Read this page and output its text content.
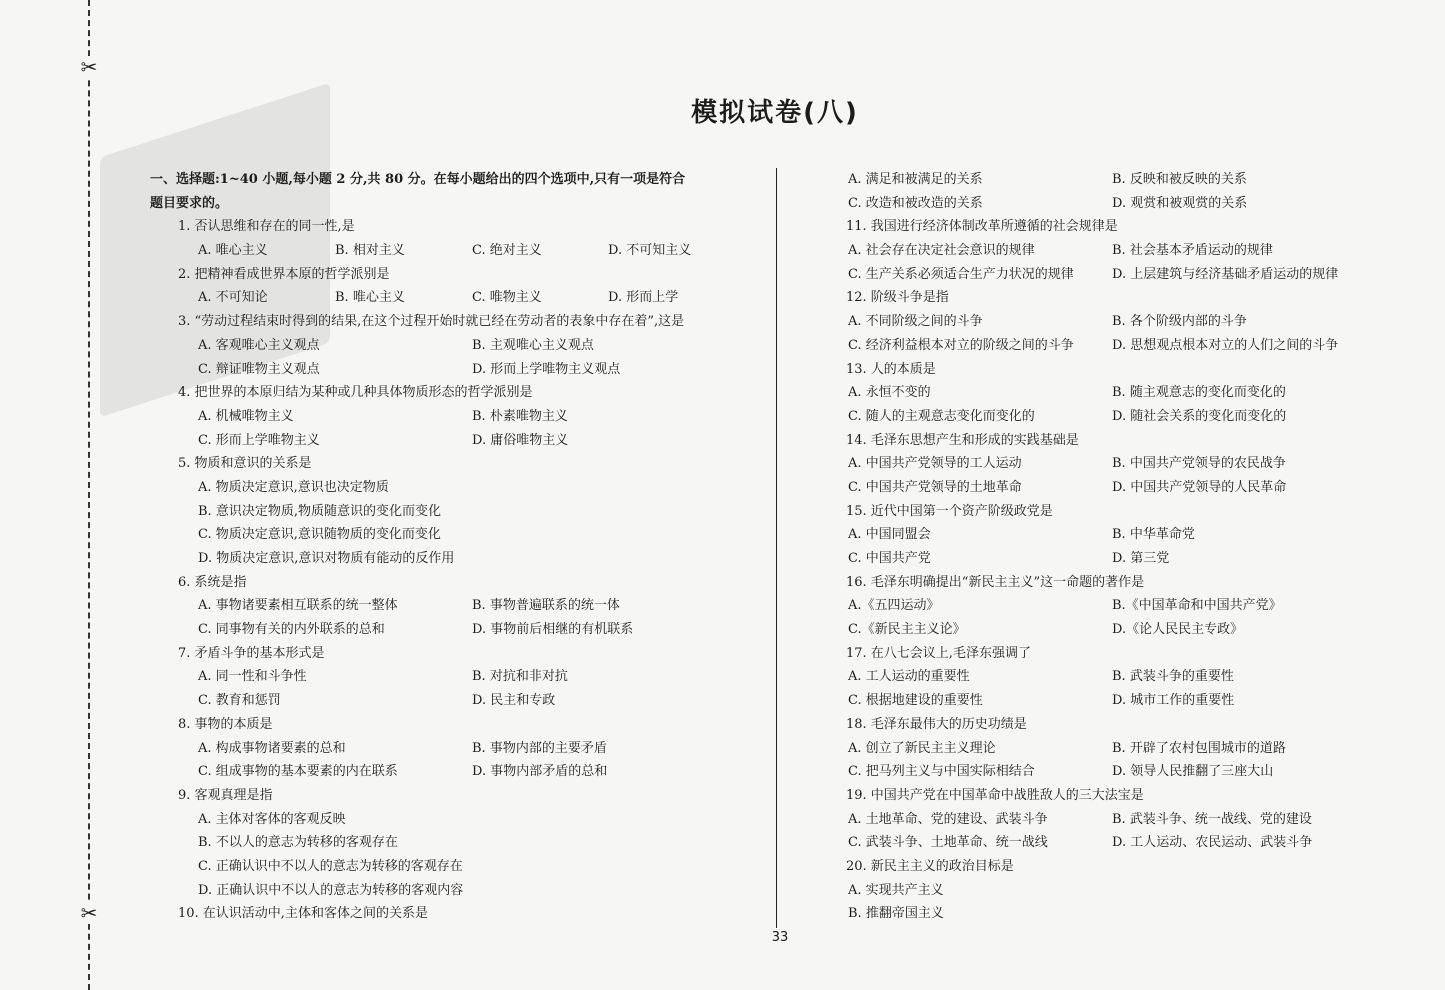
✂
✂
模拟试卷(八)
一、选择题:1~40 小题,每小题 2 分,共 80 分。在每小题给出的四个选项中,只有一项是符合
题目要求的。
1. 否认思维和存在的同一性,是
A. 唯心主义	B. 相对主义	C. 绝对主义	D. 不可知主义
2. 把精神看成世界本原的哲学派别是
A. 不可知论	B. 唯心主义	C. 唯物主义	D. 形而上学
3. “劳动过程结束时得到的结果,在这个过程开始时就已经在劳动者的表象中存在着”,这是
A. 客观唯心主义观点	B. 主观唯心主义观点
C. 辩证唯物主义观点	D. 形而上学唯物主义观点
4. 把世界的本原归结为某种或几种具体物质形态的哲学派别是
A. 机械唯物主义	B. 朴素唯物主义
C. 形而上学唯物主义	D. 庸俗唯物主义
5. 物质和意识的关系是
A. 物质决定意识,意识也决定物质
B. 意识决定物质,物质随意识的变化而变化
C. 物质决定意识,意识随物质的变化而变化
D. 物质决定意识,意识对物质有能动的反作用
6. 系统是指
A. 事物诸要素相互联系的统一整体	B. 事物普遍联系的统一体
C. 同事物有关的内外联系的总和	D. 事物前后相继的有机联系
7. 矛盾斗争的基本形式是
A. 同一性和斗争性	B. 对抗和非对抗
C. 教育和惩罚	D. 民主和专政
8. 事物的本质是
A. 构成事物诸要素的总和	B. 事物内部的主要矛盾
C. 组成事物的基本要素的内在联系	D. 事物内部矛盾的总和
9. 客观真理是指
A. 主体对客体的客观反映
B. 不以人的意志为转移的客观存在
C. 正确认识中不以人的意志为转移的客观存在
D. 正确认识中不以人的意志为转移的客观内容
10. 在认识活动中,主体和客体之间的关系是
A. 满足和被满足的关系	B. 反映和被反映的关系
C. 改造和被改造的关系	D. 观赏和被观赏的关系
11. 我国进行经济体制改革所遵循的社会规律是
A. 社会存在决定社会意识的规律	B. 社会基本矛盾运动的规律
C. 生产关系必须适合生产力状况的规律	D. 上层建筑与经济基础矛盾运动的规律
12. 阶级斗争是指
A. 不同阶级之间的斗争	B. 各个阶级内部的斗争
C. 经济利益根本对立的阶级之间的斗争	D. 思想观点根本对立的人们之间的斗争
13. 人的本质是
A. 永恒不变的	B. 随主观意志的变化而变化的
C. 随人的主观意志变化而变化的	D. 随社会关系的变化而变化的
14. 毛泽东思想产生和形成的实践基础是
A. 中国共产党领导的工人运动	B. 中国共产党领导的农民战争
C. 中国共产党领导的土地革命	D. 中国共产党领导的人民革命
15. 近代中国第一个资产阶级政党是
A. 中国同盟会	B. 中华革命党
C. 中国共产党	D. 第三党
16. 毛泽东明确提出“新民主主义”这一命题的著作是
A.《五四运动》	B.《中国革命和中国共产党》
C.《新民主主义论》	D.《论人民民主专政》
17. 在八七会议上,毛泽东强调了
A. 工人运动的重要性	B. 武装斗争的重要性
C. 根据地建设的重要性	D. 城市工作的重要性
18. 毛泽东最伟大的历史功绩是
A. 创立了新民主主义理论	B. 开辟了农村包围城市的道路
C. 把马列主义与中国实际相结合	D. 领导人民推翻了三座大山
19. 中国共产党在中国革命中战胜敌人的三大法宝是
A. 土地革命、党的建设、武装斗争	B. 武装斗争、统一战线、党的建设
C. 武装斗争、土地革命、统一战线	D. 工人运动、农民运动、武装斗争
20. 新民主主义的政治目标是
A. 实现共产主义
B. 推翻帝国主义
33
